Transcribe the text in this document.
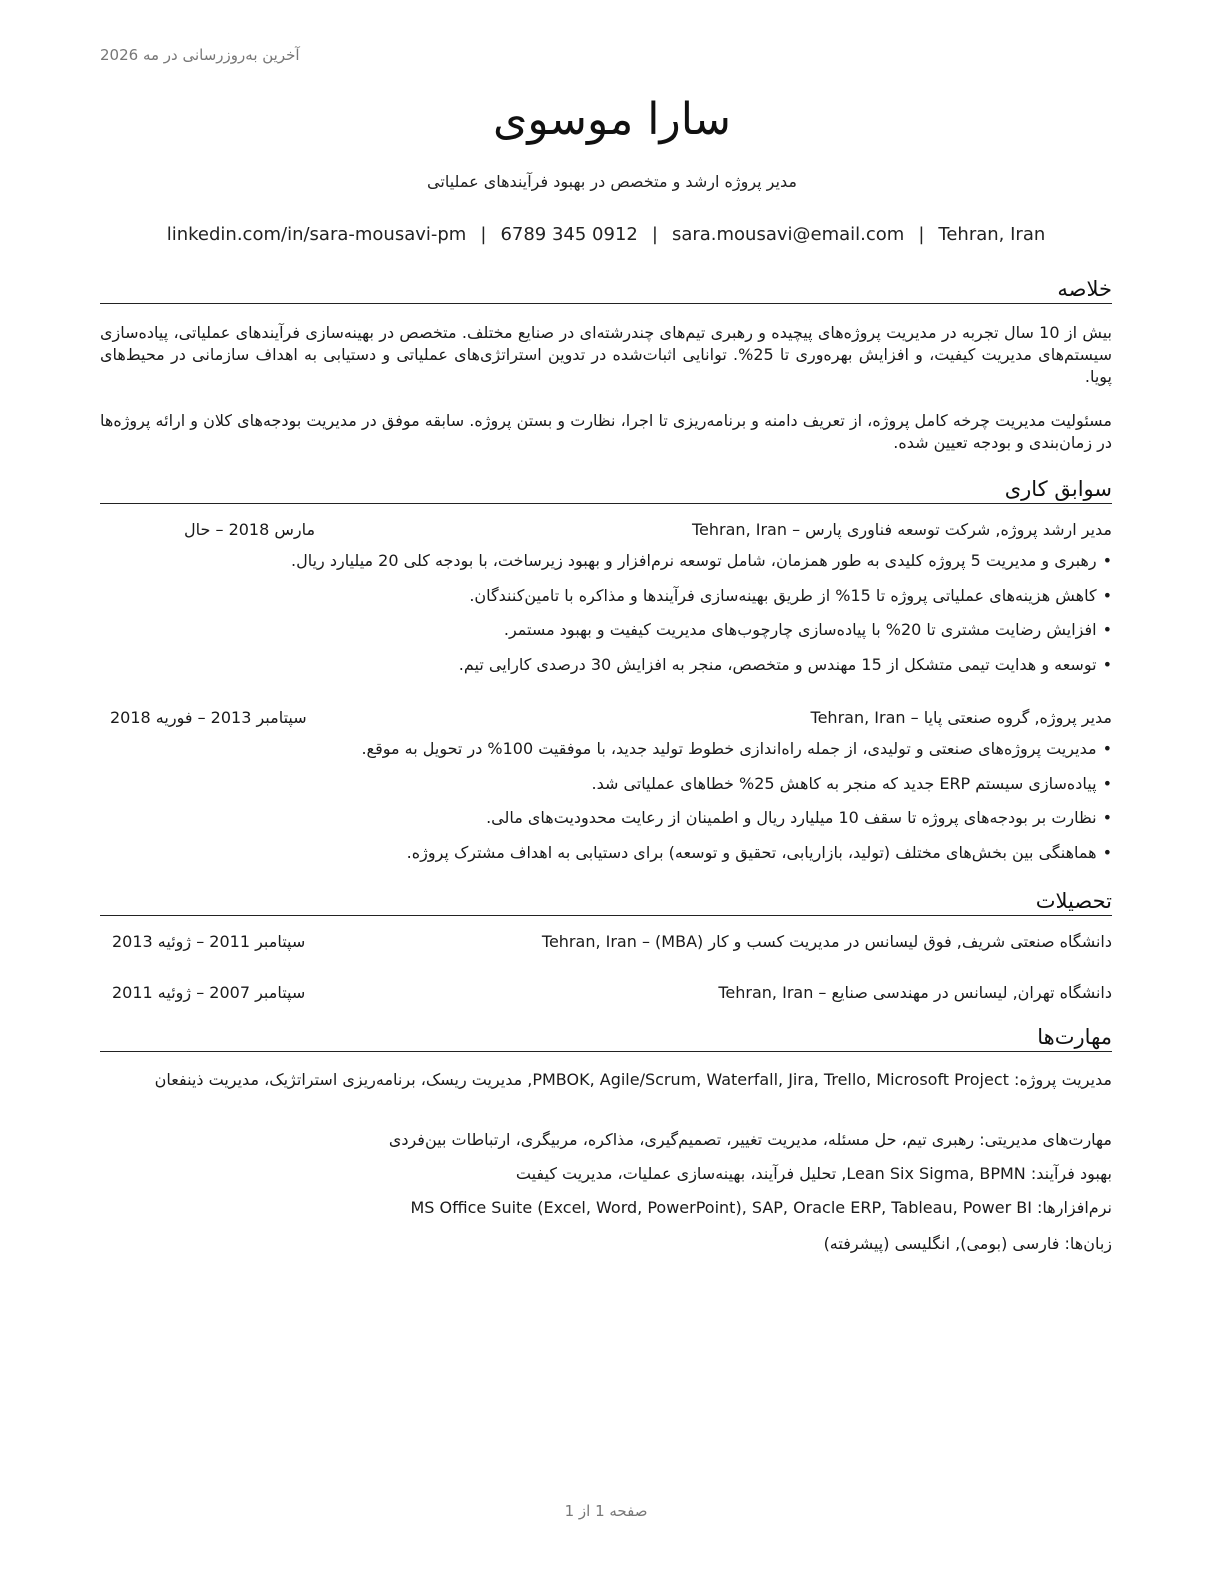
آخرین به‌روزرسانی در مه 2026
سارا موسوی
مدیر پروژه ارشد و متخصص در بهبود فرآیندهای عملیاتی
linkedin.com/in/sara-mousavi-pm | 6789 345 0912 | sara.mousavi@email.com | Tehran, Iran
خلاصه
بیش از 10 سال تجربه در مدیریت پروژه‌های پیچیده و رهبری تیم‌های چندرشته‌ای در صنایع مختلف. متخصص در بهینه‌سازی فرآیندهای عملیاتی، پیاده‌سازی سیستم‌های مدیریت کیفیت، و افزایش بهره‌وری تا 25%. توانایی اثبات‌شده در تدوین استراتژی‌های عملیاتی و دستیابی به اهداف سازمانی در محیط‌های پویا.
مسئولیت مدیریت چرخه کامل پروژه، از تعریف دامنه و برنامه‌ریزی تا اجرا، نظارت و بستن پروژه. سابقه موفق در مدیریت بودجه‌های کلان و ارائه پروژه‌ها در زمان‌بندی و بودجه تعیین شده.
سوابق کاری
مدیر ارشد پروژه, شرکت توسعه فناوری پارس – Tehran, Iran
مارس 2018 – حال
• رهبری و مدیریت 5 پروژه کلیدی به طور همزمان، شامل توسعه نرم‌افزار و بهبود زیرساخت، با بودجه کلی 20 میلیارد ریال.
• کاهش هزینه‌های عملیاتی پروژه تا 15% از طریق بهینه‌سازی فرآیندها و مذاکره با تامین‌کنندگان.
• افزایش رضایت مشتری تا 20% با پیاده‌سازی چارچوب‌های مدیریت کیفیت و بهبود مستمر.
• توسعه و هدایت تیمی متشکل از 15 مهندس و متخصص، منجر به افزایش 30 درصدی کارایی تیم.
مدیر پروژه, گروه صنعتی پایا – Tehran, Iran
سپتامبر 2013 – فوریه 2018
• مدیریت پروژه‌های صنعتی و تولیدی، از جمله راه‌اندازی خطوط تولید جدید، با موفقیت 100% در تحویل به موقع.
• پیاده‌سازی سیستم ERP جدید که منجر به کاهش 25% خطاهای عملیاتی شد.
• نظارت بر بودجه‌های پروژه تا سقف 10 میلیارد ریال و اطمینان از رعایت محدودیت‌های مالی.
• هماهنگی بین بخش‌های مختلف (تولید، بازاریابی، تحقیق و توسعه) برای دستیابی به اهداف مشترک پروژه.
تحصیلات
دانشگاه صنعتی شریف, فوق لیسانس در مدیریت کسب و کار (MBA) – Tehran, Iran
سپتامبر 2011 – ژوئیه 2013
دانشگاه تهران, لیسانس در مهندسی صنایع – Tehran, Iran
سپتامبر 2007 – ژوئیه 2011
مهارت‌ها
مدیریت پروژه: PMBOK, Agile/Scrum, Waterfall, Jira, Trello, Microsoft Project, مدیریت ریسک، برنامه‌ریزی استراتژیک، مدیریت ذینفعان
مهارت‌های مدیریتی: رهبری تیم، حل مسئله، مدیریت تغییر، تصمیم‌گیری، مذاکره، مربیگری، ارتباطات بین‌فردی
بهبود فرآیند: Lean Six Sigma, BPMN, تحلیل فرآیند، بهینه‌سازی عملیات، مدیریت کیفیت
نرم‌افزارها: MS Office Suite (Excel, Word, PowerPoint), SAP, Oracle ERP, Tableau, Power BI
زبان‌ها: فارسی (بومی), انگلیسی (پیشرفته)
صفحه 1 از 1
